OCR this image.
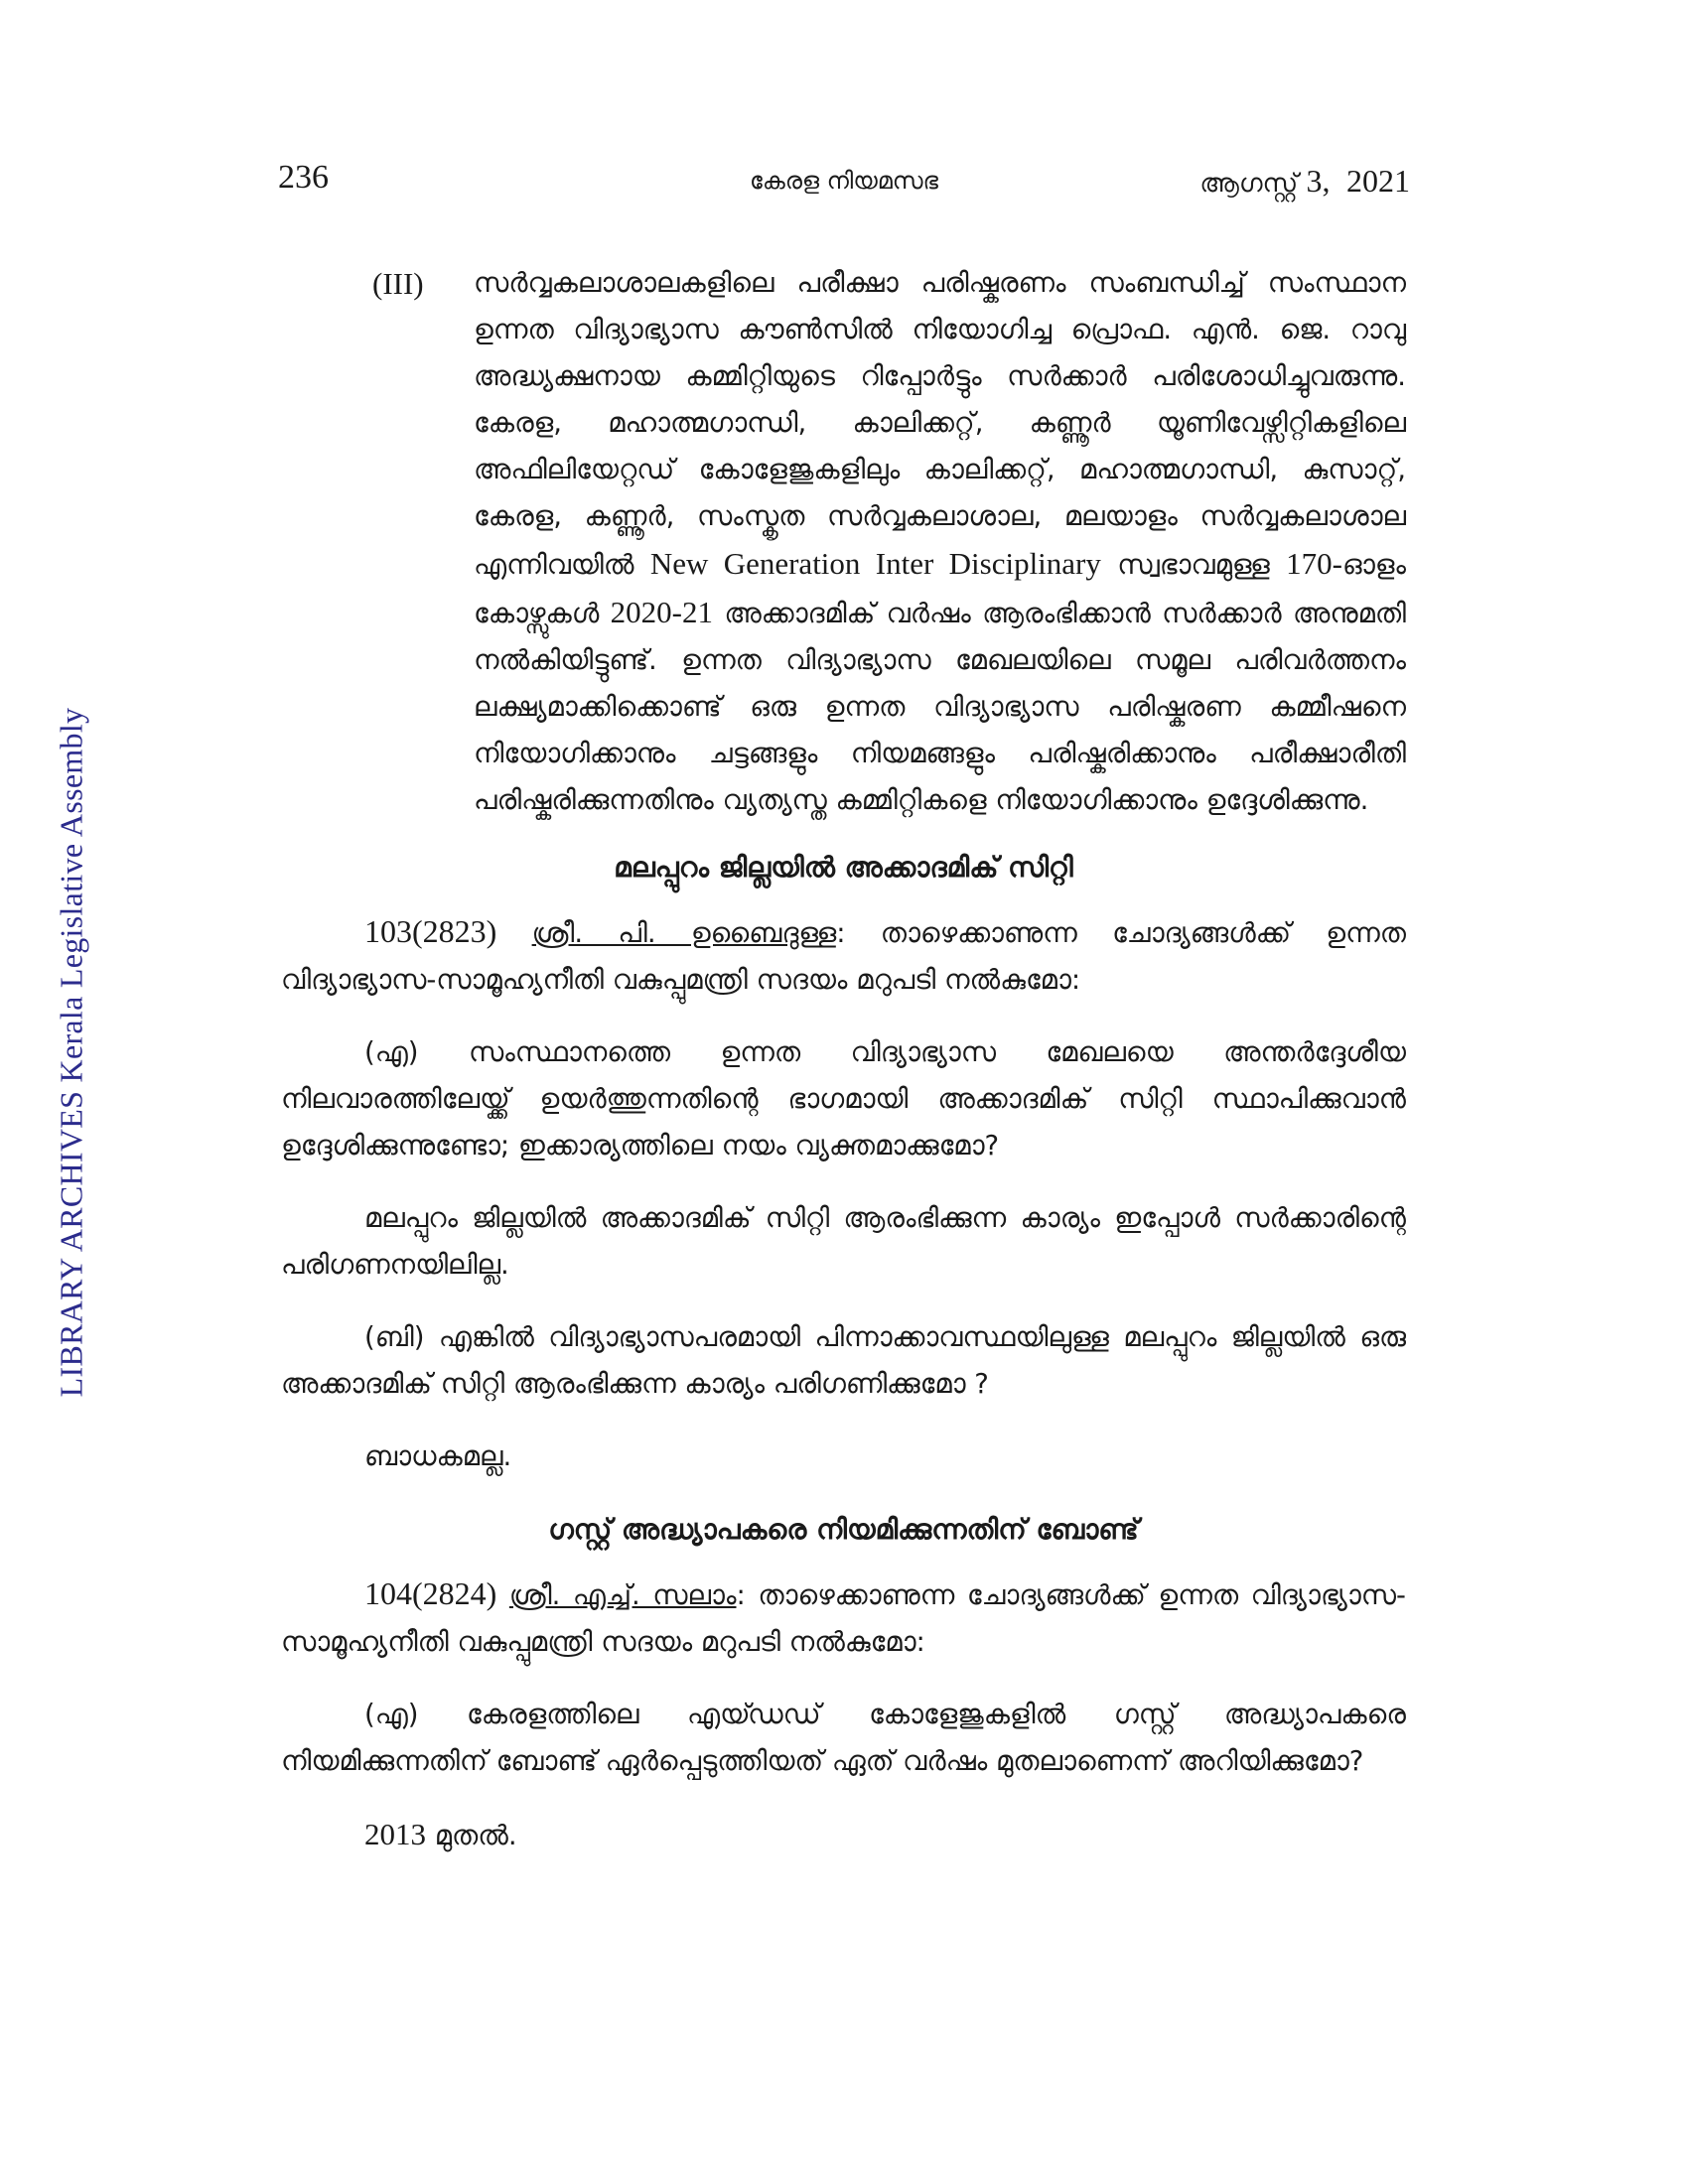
236	കേരള നിയമസഭ	ആഗസ്റ്റ് 3, 2021
LIBRARY ARCHIVES Kerala Legislative Assembly
(III)	സർവ്വകലാശാലകളിലെ പരീക്ഷാ പരിഷ്കരണം സംബന്ധിച്ച് സംസ്ഥാന ഉന്നത വിദ്യാഭ്യാസ കൗൺസിൽ നിയോഗിച്ച പ്രൊഫ. എൻ. ജെ. റാവു അദ്ധ്യക്ഷനായ കമ്മിറ്റിയുടെ റിപ്പോർട്ടും സർക്കാർ പരിശോധിച്ചുവരുന്നു. കേരള, മഹാത്മഗാന്ധി, കാലിക്കറ്റ്, കണ്ണൂർ യൂണിവേഴ്സിറ്റികളിലെ അഫിലിയേറ്റഡ് കോളേജുകളിലും കാലിക്കറ്റ്, മഹാത്മഗാന്ധി, കുസാറ്റ്, കേരള, കണ്ണൂർ, സംസ്കൃത സർവ്വകലാശാല, മലയാളം സർവ്വകലാശാല എന്നിവയിൽ New Generation Inter Disciplinary സ്വഭാവമുള്ള 170-ഓളം കോഴ്സുകൾ 2020-21 അക്കാദമിക് വർഷം ആരംഭിക്കാൻ സർക്കാർ അനുമതി നൽകിയിട്ടുണ്ട്. ഉന്നത വിദ്യാഭ്യാസ മേഖലയിലെ സമൂല പരിവർത്തനം ലക്ഷ്യമാക്കിക്കൊണ്ട് ഒരു ഉന്നത വിദ്യാഭ്യാസ പരിഷ്കരണ കമ്മീഷനെ നിയോഗിക്കാനും ചട്ടങ്ങളും നിയമങ്ങളും പരിഷ്കരിക്കാനും പരീക്ഷാരീതി പരിഷ്കരിക്കുന്നതിനും വ്യത്യസ്ത കമ്മിറ്റികളെ നിയോഗിക്കാനും ഉദ്ദേശിക്കുന്നു.
മലപ്പുറം ജില്ലയിൽ അക്കാദമിക് സിറ്റി

103(2823) ശ്രീ. പി. ഉബൈദുള്ള: താഴെക്കാണുന്ന ചോദ്യങ്ങൾക്ക് ഉന്നത വിദ്യാഭ്യാസ-സാമൂഹ്യനീതി വകുപ്പുമന്ത്രി സദയം മറുപടി നൽകുമോ:

(എ) സംസ്ഥാനത്തെ ഉന്നത വിദ്യാഭ്യാസ മേഖലയെ അന്തർദ്ദേശീയ നിലവാരത്തിലേയ്ക്ക് ഉയർത്തുന്നതിന്റെ ഭാഗമായി അക്കാദമിക് സിറ്റി സ്ഥാപിക്കുവാൻ ഉദ്ദേശിക്കുന്നുണ്ടോ; ഇക്കാര്യത്തിലെ നയം വ്യക്തമാക്കുമോ?

മലപ്പുറം ജില്ലയിൽ അക്കാദമിക് സിറ്റി ആരംഭിക്കുന്ന കാര്യം ഇപ്പോൾ സർക്കാരിന്റെ പരിഗണനയിലില്ല.

(ബി) എങ്കിൽ വിദ്യാഭ്യാസപരമായി പിന്നാക്കാവസ്ഥയിലുള്ള മലപ്പുറം ജില്ലയിൽ ഒരു അക്കാദമിക് സിറ്റി ആരംഭിക്കുന്ന കാര്യം പരിഗണിക്കുമോ ?

ബാധകമല്ല.

ഗസ്റ്റ് അദ്ധ്യാപകരെ നിയമിക്കുന്നതിന് ബോണ്ട്

104(2824) ശ്രീ. എച്ച്. സലാം: താഴെക്കാണുന്ന ചോദ്യങ്ങൾക്ക് ഉന്നത വിദ്യാഭ്യാസ-സാമൂഹ്യനീതി വകുപ്പുമന്ത്രി സദയം മറുപടി നൽകുമോ:

(എ) കേരളത്തിലെ എയ്ഡഡ് കോളേജുകളിൽ ഗസ്റ്റ് അദ്ധ്യാപകരെ നിയമിക്കുന്നതിന് ബോണ്ട് ഏർപ്പെടുത്തിയത് ഏത് വർഷം മുതലാണെന്ന് അറിയിക്കുമോ?

2013 മുതൽ.
